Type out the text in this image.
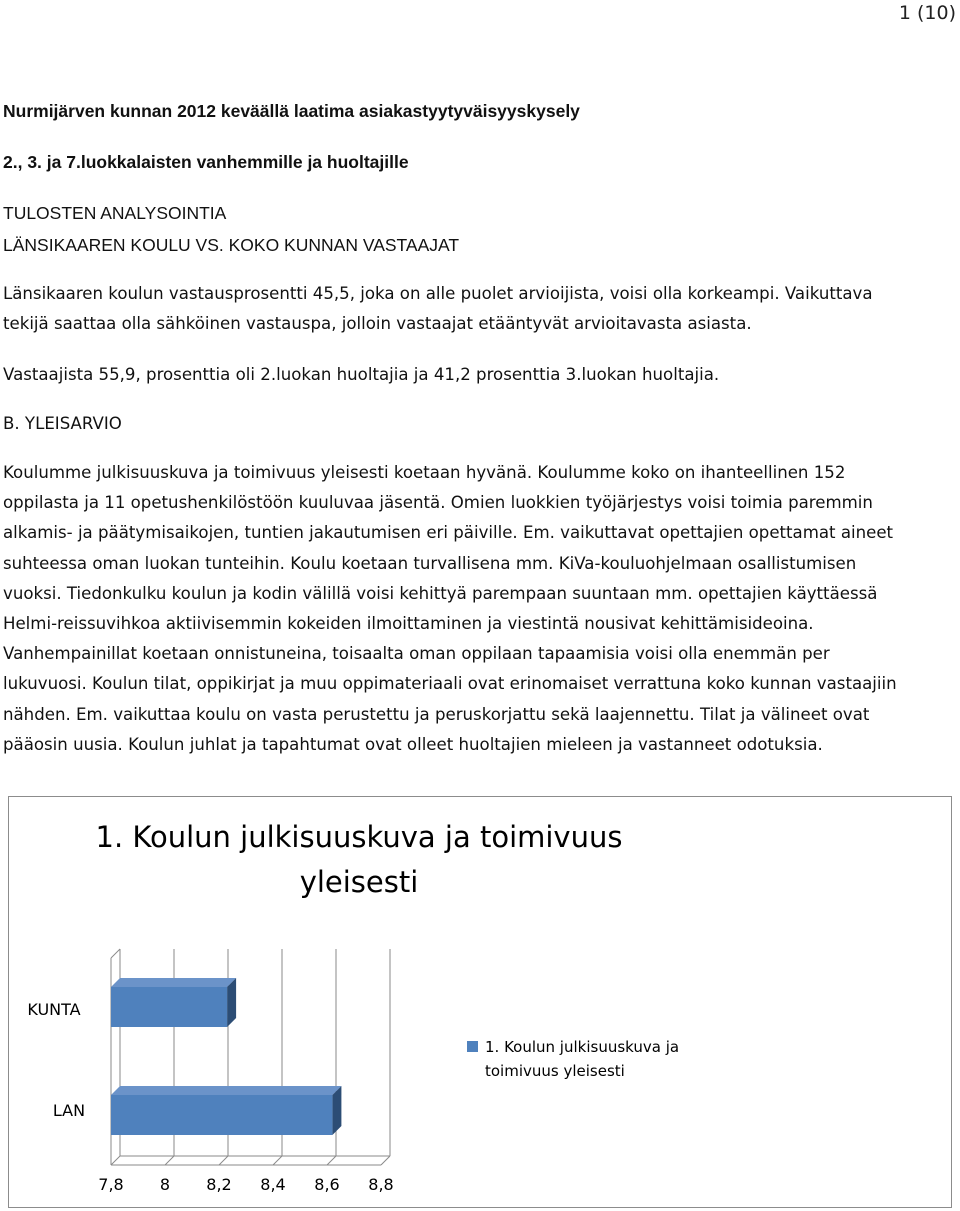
1 (10)
Nurmijärven kunnan 2012 keväällä laatima asiakastyytyväisyyskysely
2., 3. ja 7.luokkalaisten vanhemmille ja huoltajille
TULOSTEN ANALYSOINTIA
LÄNSIKAAREN KOULU VS. KOKO KUNNAN VASTAAJAT
Länsikaaren koulun vastausprosentti 45,5, joka on alle puolet arvioijista, voisi olla korkeampi. Vaikuttava
tekijä saattaa olla sähköinen vastauspa, jolloin vastaajat etääntyvät arvioitavasta asiasta.
Vastaajista 55,9, prosenttia oli 2.luokan huoltajia ja 41,2 prosenttia 3.luokan huoltajia.
B. YLEISARVIO
Koulumme julkisuuskuva ja toimivuus yleisesti koetaan hyvänä. Koulumme koko on ihanteellinen 152
oppilasta ja 11 opetushenkilöstöön kuuluvaa jäsentä. Omien luokkien työjärjestys voisi toimia paremmin
alkamis- ja päätymisaikojen, tuntien jakautumisen eri päiville. Em. vaikuttavat opettajien opettamat aineet
suhteessa oman luokan tunteihin. Koulu koetaan turvallisena mm. KiVa-kouluohjelmaan osallistumisen
vuoksi. Tiedonkulku koulun ja kodin välillä voisi kehittyä parempaan suuntaan mm. opettajien käyttäessä
Helmi-reissuvihkoa aktiivisemmin kokeiden ilmoittaminen ja viestintä nousivat kehittämisideoina.
Vanhempainillat koetaan onnistuneina, toisaalta oman oppilaan tapaamisia voisi olla enemmän per
lukuvuosi. Koulun tilat, oppikirjat ja muu oppimateriaali ovat erinomaiset verrattuna koko kunnan vastaajiin
nähden. Em. vaikuttaa koulu on vasta perustettu ja peruskorjattu sekä laajennettu. Tilat ja välineet ovat
pääosin uusia. Koulun juhlat ja tapahtumat ovat olleet huoltajien mieleen ja vastanneet odotuksia.
1. Koulun julkisuuskuva ja toimivuus
yleisesti
7,8 8 8,2 8,4 8,6 8,8
KUNTA
LAN
1. Koulun julkisuuskuva ja
toimivuus yleisesti
